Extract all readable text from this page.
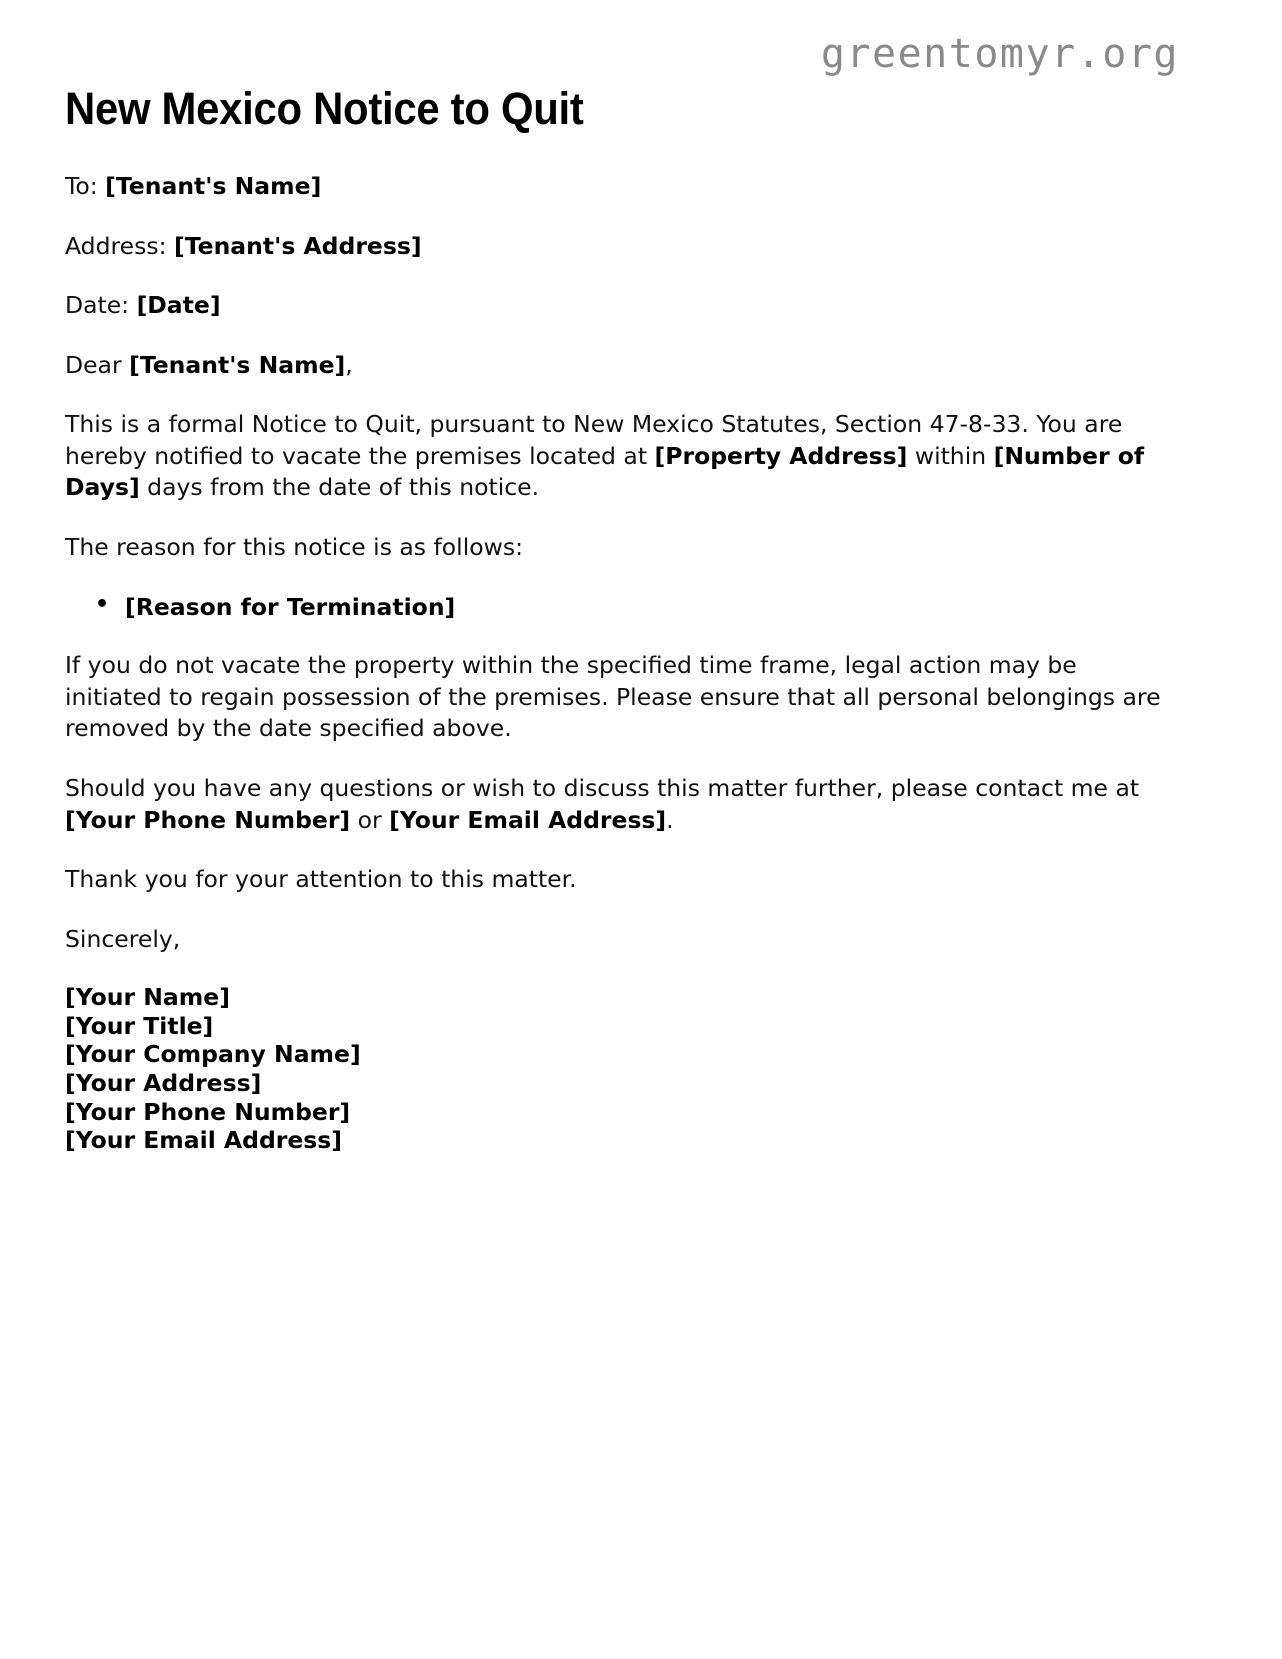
greentomyr.org
New Mexico Notice to Quit

To: [Tenant's Name]

Address: [Tenant's Address]

Date: [Date]

Dear [Tenant's Name],

This is a formal Notice to Quit, pursuant to New Mexico Statutes, Section 47-8-33. You are hereby notified to vacate the premises located at [Property Address] within [Number of Days] days from the date of this notice.

The reason for this notice is as follows:

• [Reason for Termination]

If you do not vacate the property within the specified time frame, legal action may be initiated to regain possession of the premises. Please ensure that all personal belongings are removed by the date specified above.

Should you have any questions or wish to discuss this matter further, please contact me at [Your Phone Number] or [Your Email Address].

Thank you for your attention to this matter.

Sincerely,

[Your Name]
[Your Title]
[Your Company Name]
[Your Address]
[Your Phone Number]
[Your Email Address]
